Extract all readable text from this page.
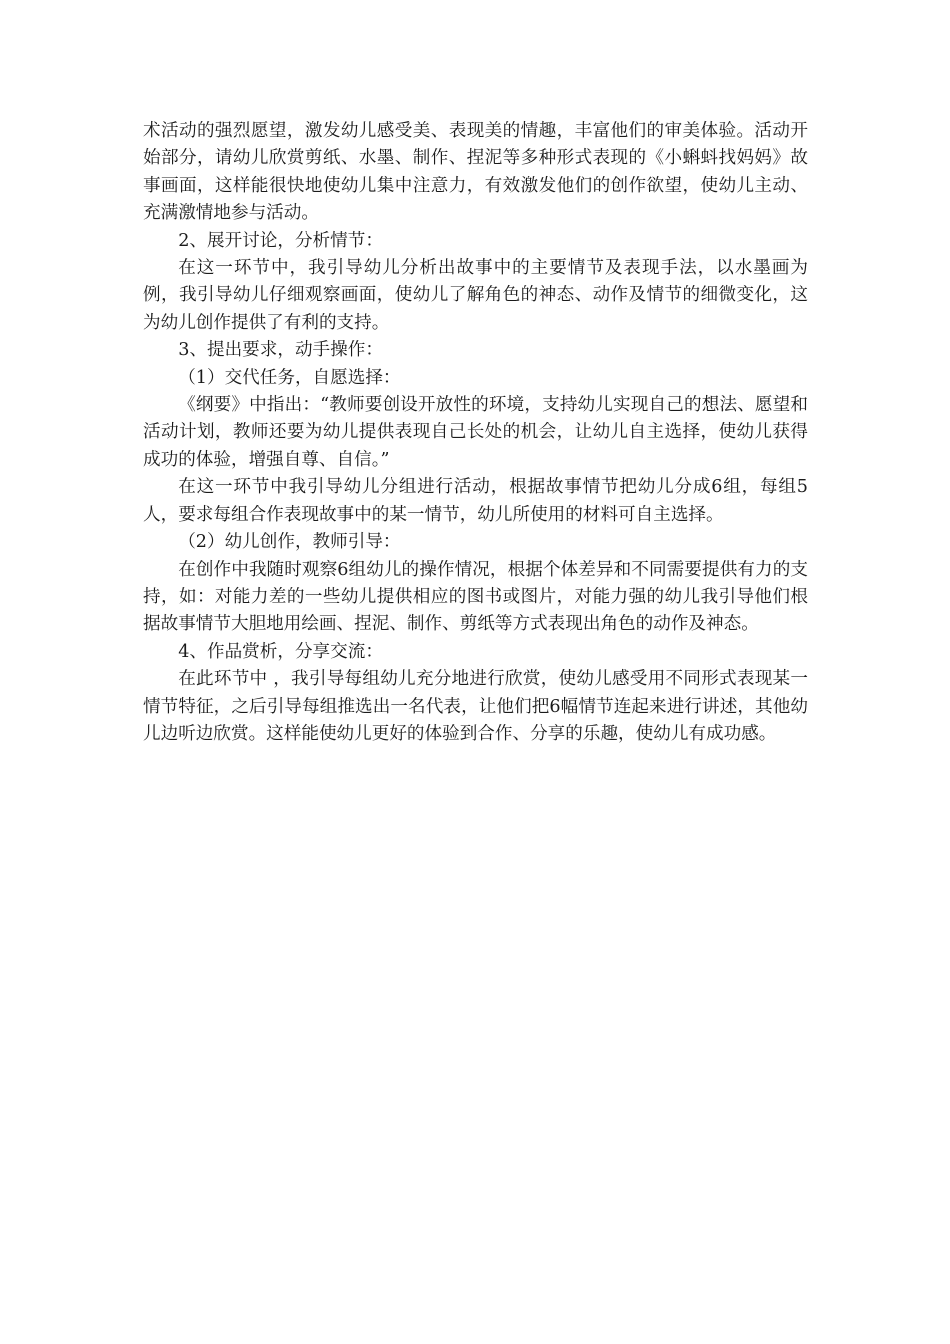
术活动的强烈愿望，激发幼儿感受美、表现美的情趣，丰富他们的审美体验。活动开始部分，请幼儿欣赏剪纸、水墨、制作、捏泥等多种形式表现的《小蝌蚪找妈妈》故事画面，这样能很快地使幼儿集中注意力，有效激发他们的创作欲望，使幼儿主动、充满激情地参与活动。

2、展开讨论，分析情节：

在这一环节中，我引导幼儿分析出故事中的主要情节及表现手法，以水墨画为例，我引导幼儿仔细观察画面，使幼儿了解角色的神态、动作及情节的细微变化，这为幼儿创作提供了有利的支持。

3、提出要求，动手操作：

（1）交代任务，自愿选择：

《纲要》中指出：“教师要创设开放性的环境，支持幼儿实现自己的想法、愿望和活动计划，教师还要为幼儿提供表现自己长处的机会，让幼儿自主选择，使幼儿获得成功的体验，增强自尊、自信。”

在这一环节中我引导幼儿分组进行活动，根据故事情节把幼儿分成6组，每组5人，要求每组合作表现故事中的某一情节，幼儿所使用的材料可自主选择。

（2）幼儿创作，教师引导：

在创作中我随时观察6组幼儿的操作情况，根据个体差异和不同需要提供有力的支持，如：对能力差的一些幼儿提供相应的图书或图片，对能力强的幼儿我引导他们根据故事情节大胆地用绘画、捏泥、制作、剪纸等方式表现出角色的动作及神态。

4、作品赏析，分享交流：

在此环节中 ，我引导每组幼儿充分地进行欣赏，使幼儿感受用不同形式表现某一情节特征，之后引导每组推选出一名代表，让他们把6幅情节连起来进行讲述，其他幼儿边听边欣赏。这样能使幼儿更好的体验到合作、分享的乐趣，使幼儿有成功感。
